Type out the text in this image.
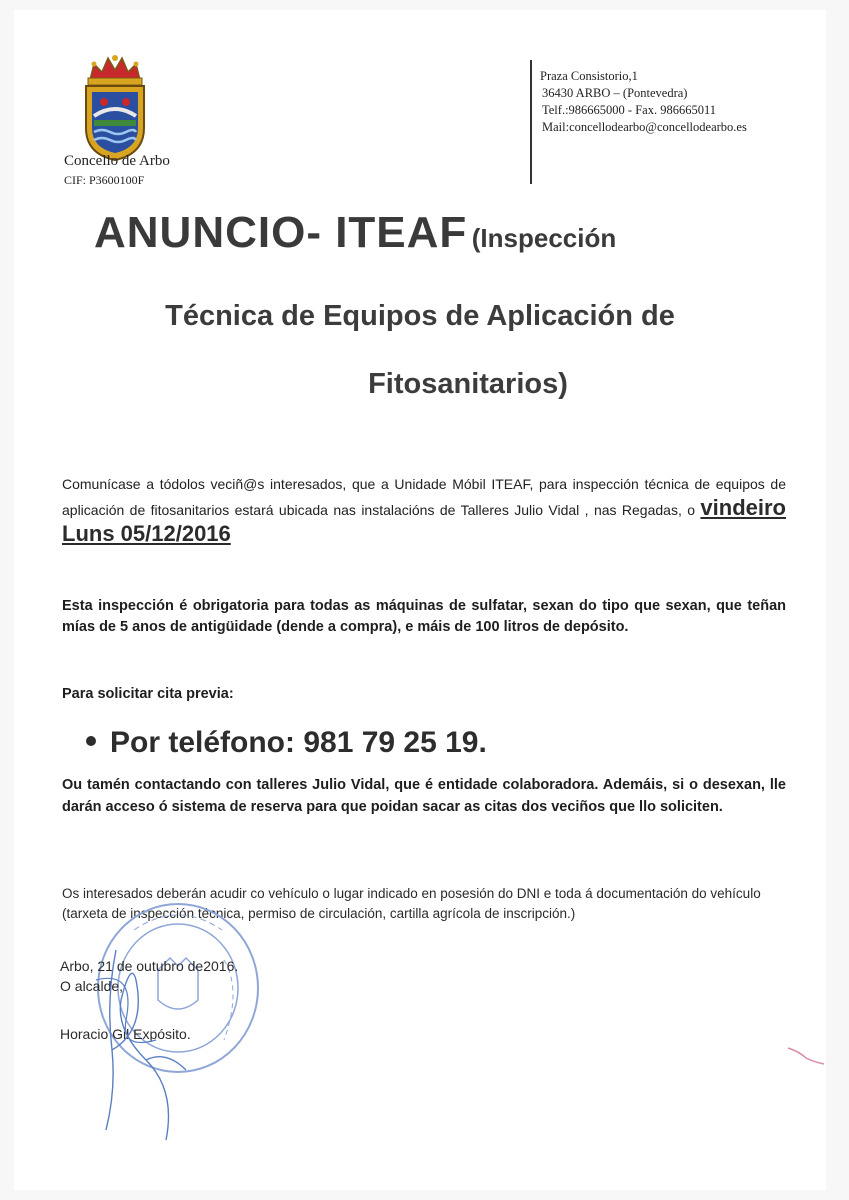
Concello de Arbo
CIF: P3600100F
Praza Consistorio,1
36430 ARBO – (Pontevedra)
Telf.:986665000 - Fax. 986665011
Mail:concellodearbo@concellodearbo.es
ANUNCIO- ITEAF (Inspección
Técnica de Equipos de Aplicación de
Fitosanitarios)
Comunícase a tódolos veciñ@s interesados, que a Unidade Móbil ITEAF, para inspección técnica de equipos de aplicación de fitosanitarios estará ubicada nas instalacións de Talleres Julio Vidal , nas Regadas, o vindeiro Luns 05/12/2016
Esta inspección é obrigatoria para todas as máquinas de sulfatar, sexan do tipo que sexan, que teñan mías de 5 anos de antigüidade (dende a compra), e máis de 100 litros de depósito.
Para solicitar cita previa:
Por teléfono: 981 79 25 19.
Ou tamén contactando con talleres Julio Vidal, que é entidade colaboradora. Ademáis, si o desexan, lle darán acceso ó sistema de reserva para que poidan sacar as citas dos veciños que llo soliciten.
Os interesados deberán acudir co vehículo o lugar indicado en posesión do DNI e toda á documentación do vehículo (tarxeta de inspección técnica, permiso de circulación, cartilla agrícola de inscripción.)
Arbo, 21 de outubro de2016.
O alcalde,
Horacio Gil Expósito.
